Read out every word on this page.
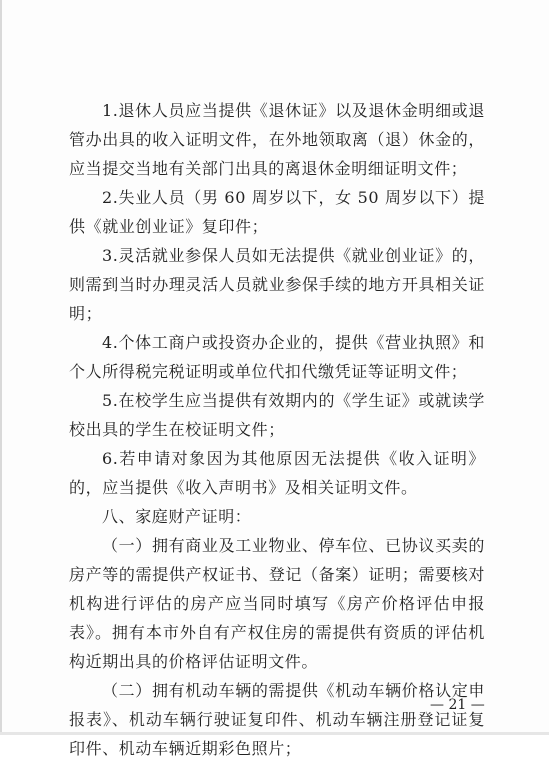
1.退休人员应当提供《退休证》以及退休金明细或退管办出具的收入证明文件，在外地领取离（退）休金的，应当提交当地有关部门出具的离退休金明细证明文件；

2.失业人员（男 60 周岁以下，女 50 周岁以下）提供《就业创业证》复印件；

3.灵活就业参保人员如无法提供《就业创业证》的，则需到当时办理灵活人员就业参保手续的地方开具相关证明；

4.个体工商户或投资办企业的，提供《营业执照》和个人所得税完税证明或单位代扣代缴凭证等证明文件；

5.在校学生应当提供有效期内的《学生证》或就读学校出具的学生在校证明文件；

6.若申请对象因为其他原因无法提供《收入证明》的，应当提供《收入声明书》及相关证明文件。

八、家庭财产证明：

（一）拥有商业及工业物业、停车位、已协议买卖的房产等的需提供产权证书、登记（备案）证明；需要核对机构进行评估的房产应当同时填写《房产价格评估申报表》。拥有本市外自有产权住房的需提供有资质的评估机构近期出具的价格评估证明文件。

（二）拥有机动车辆的需提供《机动车辆价格认定申报表》、机动车辆行驶证复印件、机动车辆注册登记证复印件、机动车辆近期彩色照片；

— 21 —
